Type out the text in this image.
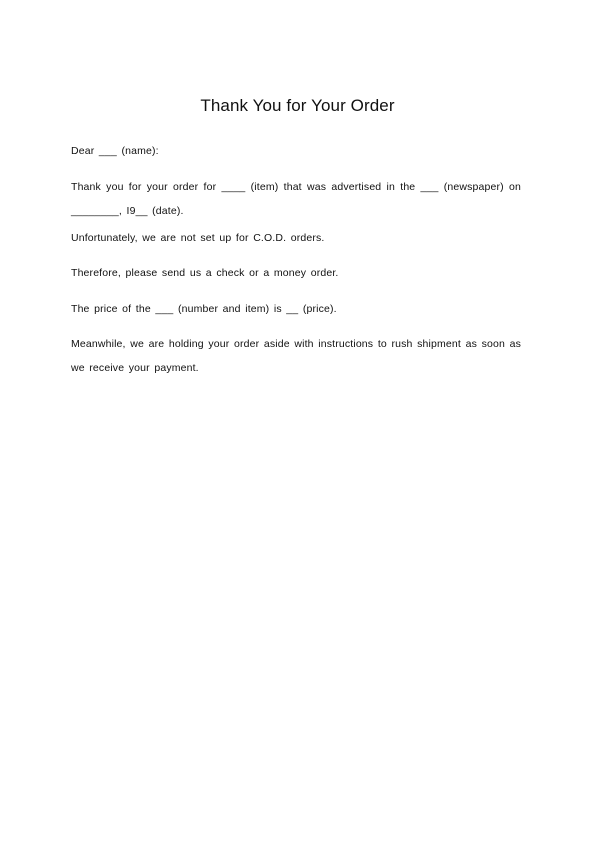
Thank You for Your Order
Dear ___ (name):
Thank you for your order for ____ (item) that was advertised in the ___ (newspaper) on ________, I9__ (date).
Unfortunately, we are not set up for C.O.D. orders.
Therefore, please send us a check or a money order.
The price of the ___ (number and item) is __ (price).
Meanwhile, we are holding your order aside with instructions to rush shipment as soon as we receive your payment.
